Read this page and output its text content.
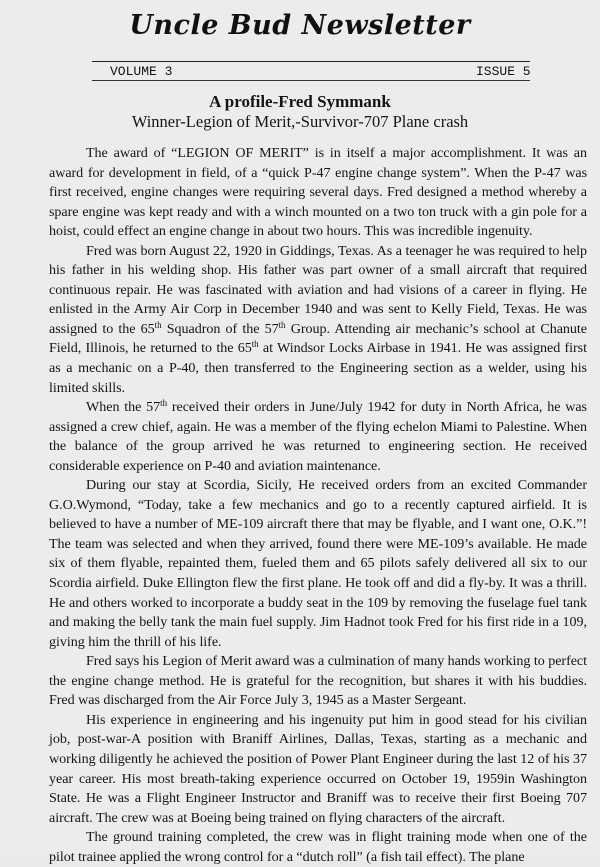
Uncle Bud Newsletter
VOLUME 3	ISSUE 5
A profile-Fred Symmank
Winner-Legion of Merit,-Survivor-707 Plane crash

The award of “LEGION OF MERIT” is in itself a major accomplishment. It was an award for development in field, of a “quick P-47 engine change system”. When the P-47 was first received, engine changes were requiring several days. Fred designed a method whereby a spare engine was kept ready and with a winch mounted on a two ton truck with a gin pole for a hoist, could effect an engine change in about two hours. This was incredible ingenuity.

Fred was born August 22, 1920 in Giddings, Texas. As a teenager he was required to help his father in his welding shop. His father was part owner of a small aircraft that required continuous repair. He was fascinated with aviation and had visions of a career in flying. He enlisted in the Army Air Corp in December 1940 and was sent to Kelly Field, Texas. He was assigned to the 65th Squadron of the 57th Group. Attending air mechanic’s school at Chanute Field, Illinois, he returned to the 65th at Windsor Locks Airbase in 1941. He was assigned first as a mechanic on a P-40, then transferred to the Engineering section as a welder, using his limited skills.

When the 57th received their orders in June/July 1942 for duty in North Africa, he was assigned a crew chief, again. He was a member of the flying echelon Miami to Palestine. When the balance of the group arrived he was returned to engineering section. He received considerable experience on P-40 and aviation maintenance.

During our stay at Scordia, Sicily, He received orders from an excited Commander G.O.Wymond, “Today, take a few mechanics and go to a recently captured airfield. It is believed to have a number of ME-109 aircraft there that may be flyable, and I want one, O.K.”! The team was selected and when they arrived, found there were ME-109’s available. He made six of them flyable, repainted them, fueled them and 65 pilots safely delivered all six to our Scordia airfield. Duke Ellington flew the first plane. He took off and did a fly-by. It was a thrill. He and others worked to incorporate a buddy seat in the 109 by removing the fuselage fuel tank and making the belly tank the main fuel supply. Jim Hadnot took Fred for his first ride in a 109, giving him the thrill of his life.

Fred says his Legion of Merit award was a culmination of many hands working to perfect the engine change method. He is grateful for the recognition, but shares it with his buddies. Fred was discharged from the Air Force July 3, 1945 as a Master Sergeant.

His experience in engineering and his ingenuity put him in good stead for his civilian job, post-war-A position with Braniff Airlines, Dallas, Texas, starting as a mechanic and working diligently he achieved the position of Power Plant Engineer during the last 12 of his 37 year career. His most breath-taking experience occurred on October 19, 1959in Washington State. He was a Flight Engineer Instructor and Braniff was to receive their first Boeing 707 aircraft. The crew was at Boeing being trained on flying characters of the aircraft.

The ground training completed, the crew was in flight training mode when one of the pilot trainee applied the wrong control for a “dutch roll” (a fish tail effect). The plane
